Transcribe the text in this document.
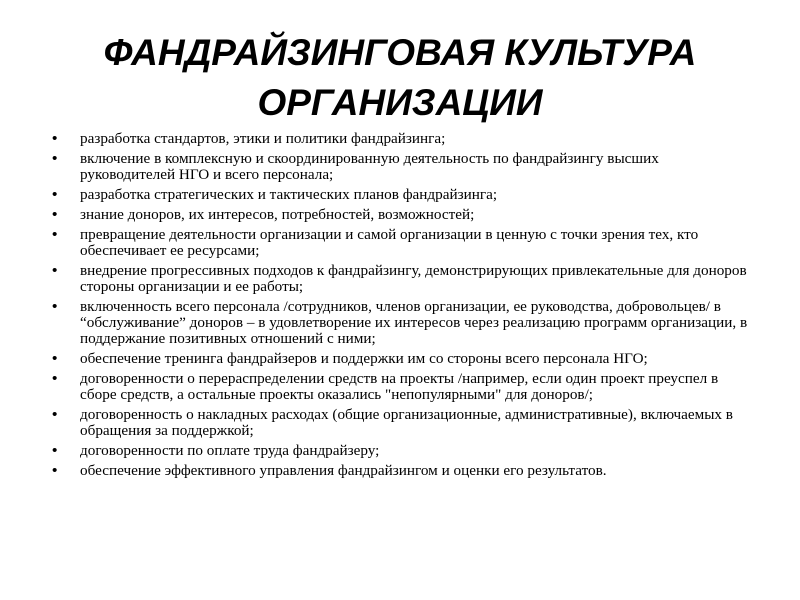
ФАНДРАЙЗИНГОВАЯ КУЛЬТУРА ОРГАНИЗАЦИИ
• разработка стандартов, этики и политики фандрайзинга;
• включение в комплексную и скоординированную деятельность по фандрайзингу высших руководителей НГО и всего персонала;
• разработка стратегических и тактических планов фандрайзинга;
• знание доноров, их интересов, потребностей, возможностей;
• превращение деятельности организации и самой организации в ценную с точки зрения тех, кто обеспечивает ее ресурсами;
• внедрение прогрессивных подходов к фандрайзингу, демонстрирующих привлекательные для доноров стороны организации и ее работы;
• включенность всего персонала /сотрудников, членов организации, ее руководства, добровольцев/ в “обслуживание” доноров – в удовлетворение их интересов через реализацию программ организации, в поддержание позитивных отношений с ними;
• обеспечение тренинга фандрайзеров и поддержки им со стороны всего персонала НГО;
• договоренности о перераспределении средств на проекты /например, если один проект преуспел в сборе средств, а остальные проекты оказались "непопулярными" для доноров/;
• договоренность о накладных расходах (общие организационные, административные), включаемых в обращения за поддержкой;
• договоренности по оплате труда фандрайзеру;
• обеспечение эффективного управления фандрайзингом и оценки его результатов.
